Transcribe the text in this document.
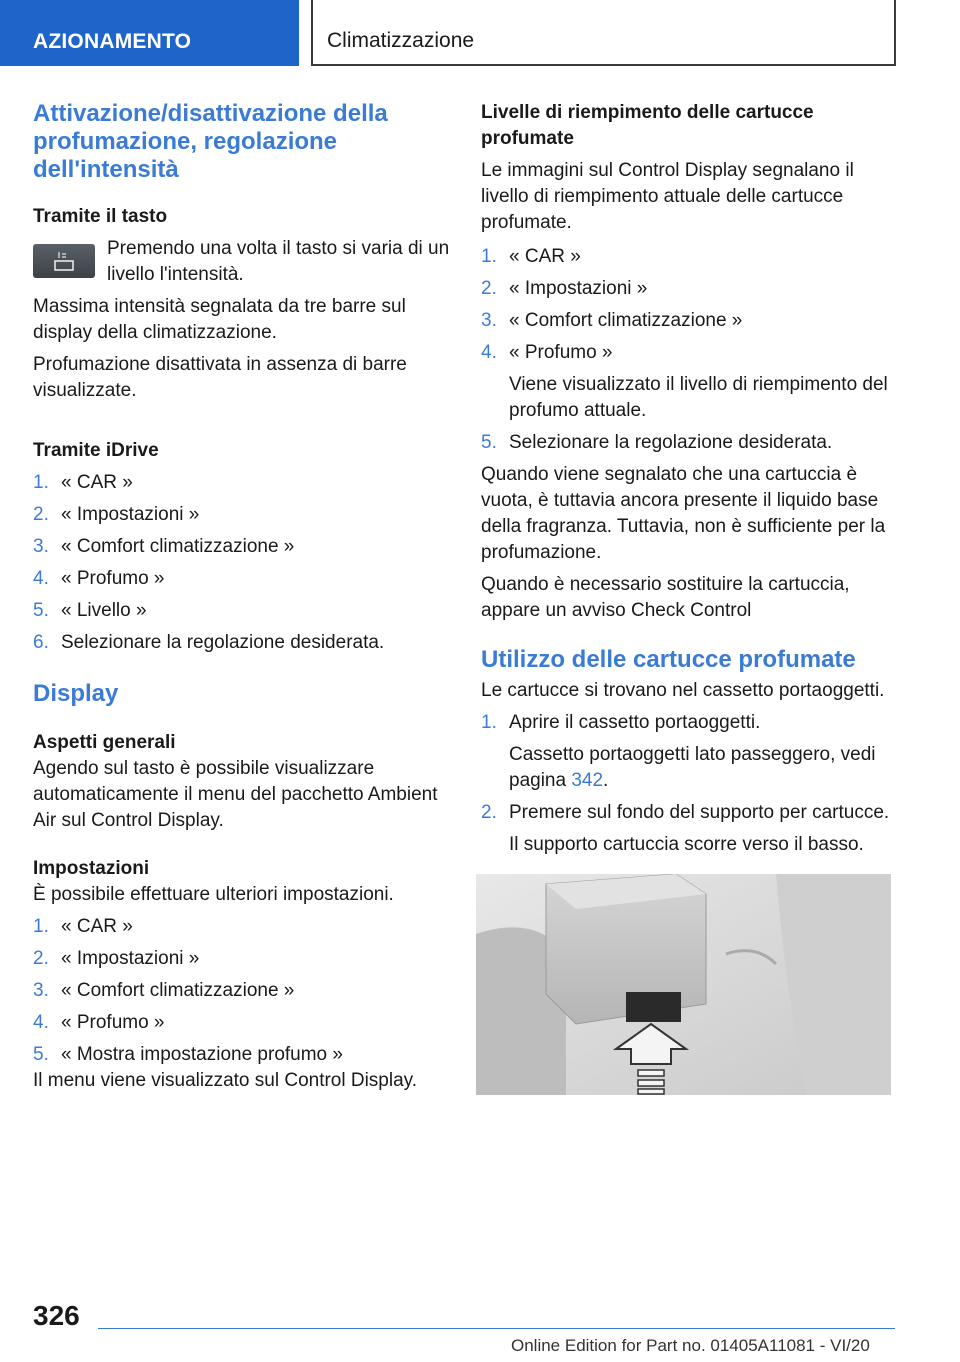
AZIONAMENTO	Climatizzazione
Attivazione/disattivazione della profumazione, regolazione dell'intensità
Tramite il tasto
Premendo una volta il tasto si varia di un livello l'intensità.
Massima intensità segnalata da tre barre sul display della climatizzazione.
Profumazione disattivata in assenza di barre visualizzate.
Tramite iDrive
1. « CAR »
2. « Impostazioni »
3. « Comfort climatizzazione »
4. « Profumo »
5. « Livello »
6. Selezionare la regolazione desiderata.
Display
Aspetti generali
Agendo sul tasto è possibile visualizzare automaticamente il menu del pacchetto Ambient Air sul Control Display.
Impostazioni
È possibile effettuare ulteriori impostazioni.
1. « CAR »
2. « Impostazioni »
3. « Comfort climatizzazione »
4. « Profumo »
5. « Mostra impostazione profumo »
Il menu viene visualizzato sul Control Display.
Livelle di riempimento delle cartucce profumate
Le immagini sul Control Display segnalano il livello di riempimento attuale delle cartucce profumate.
1. « CAR »
2. « Impostazioni »
3. « Comfort climatizzazione »
4. « Profumo »
Viene visualizzato il livello di riempimento del profumo attuale.
5. Selezionare la regolazione desiderata.
Quando viene segnalato che una cartuccia è vuota, è tuttavia ancora presente il liquido base della fragranza. Tuttavia, non è sufficiente per la profumazione.
Quando è necessario sostituire la cartuccia, appare un avviso Check Control
Utilizzo delle cartucce profumate
Le cartucce si trovano nel cassetto portaoggetti.
1. Aprire il cassetto portaoggetti.
Cassetto portaoggetti lato passeggero, vedi pagina 342.
2. Premere sul fondo del supporto per cartucce.
Il supporto cartuccia scorre verso il basso.
326
Online Edition for Part no. 01405A11081 - VI/20
